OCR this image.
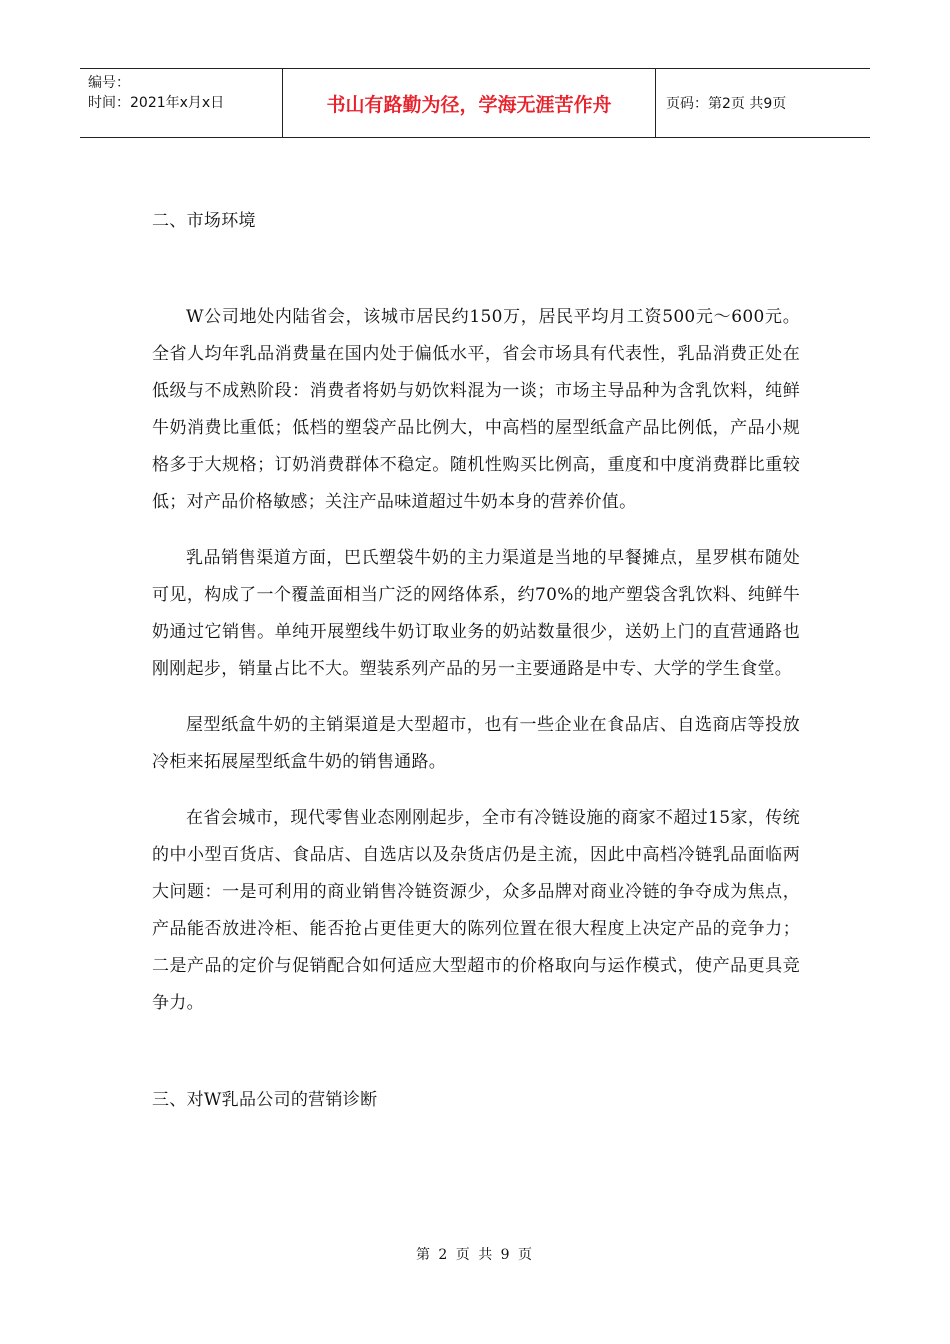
编号：
时间：2021年x月x日	书山有路勤为径，学海无涯苦作舟	页码：第2页 共9页
二、市场环境

W公司地处内陆省会，该城市居民约150万，居民平均月工资500元～600元。全省人均年乳品消费量在国内处于偏低水平，省会市场具有代表性，乳品消费正处在低级与不成熟阶段：消费者将奶与奶饮料混为一谈；市场主导品种为含乳饮料，纯鲜牛奶消费比重低；低档的塑袋产品比例大，中高档的屋型纸盒产品比例低，产品小规格多于大规格；订奶消费群体不稳定。随机性购买比例高，重度和中度消费群比重较低；对产品价格敏感；关注产品味道超过牛奶本身的营养价值。

乳品销售渠道方面，巴氏塑袋牛奶的主力渠道是当地的早餐摊点，星罗棋布随处可见，构成了一个覆盖面相当广泛的网络体系，约70%的地产塑袋含乳饮料、纯鲜牛奶通过它销售。单纯开展塑线牛奶订取业务的奶站数量很少，送奶上门的直营通路也刚刚起步，销量占比不大。塑装系列产品的另一主要通路是中专、大学的学生食堂。

屋型纸盒牛奶的主销渠道是大型超市，也有一些企业在食品店、自选商店等投放冷柜来拓展屋型纸盒牛奶的销售通路。

在省会城市，现代零售业态刚刚起步，全市有冷链设施的商家不超过15家，传统的中小型百货店、食品店、自选店以及杂货店仍是主流，因此中高档冷链乳品面临两大问题：一是可利用的商业销售冷链资源少，众多品牌对商业冷链的争夺成为焦点，产品能否放进冷柜、能否抢占更佳更大的陈列位置在很大程度上决定产品的竞争力；二是产品的定价与促销配合如何适应大型超市的价格取向与运作模式，使产品更具竞争力。

三、对W乳品公司的营销诊断
第 2 页 共 9 页
